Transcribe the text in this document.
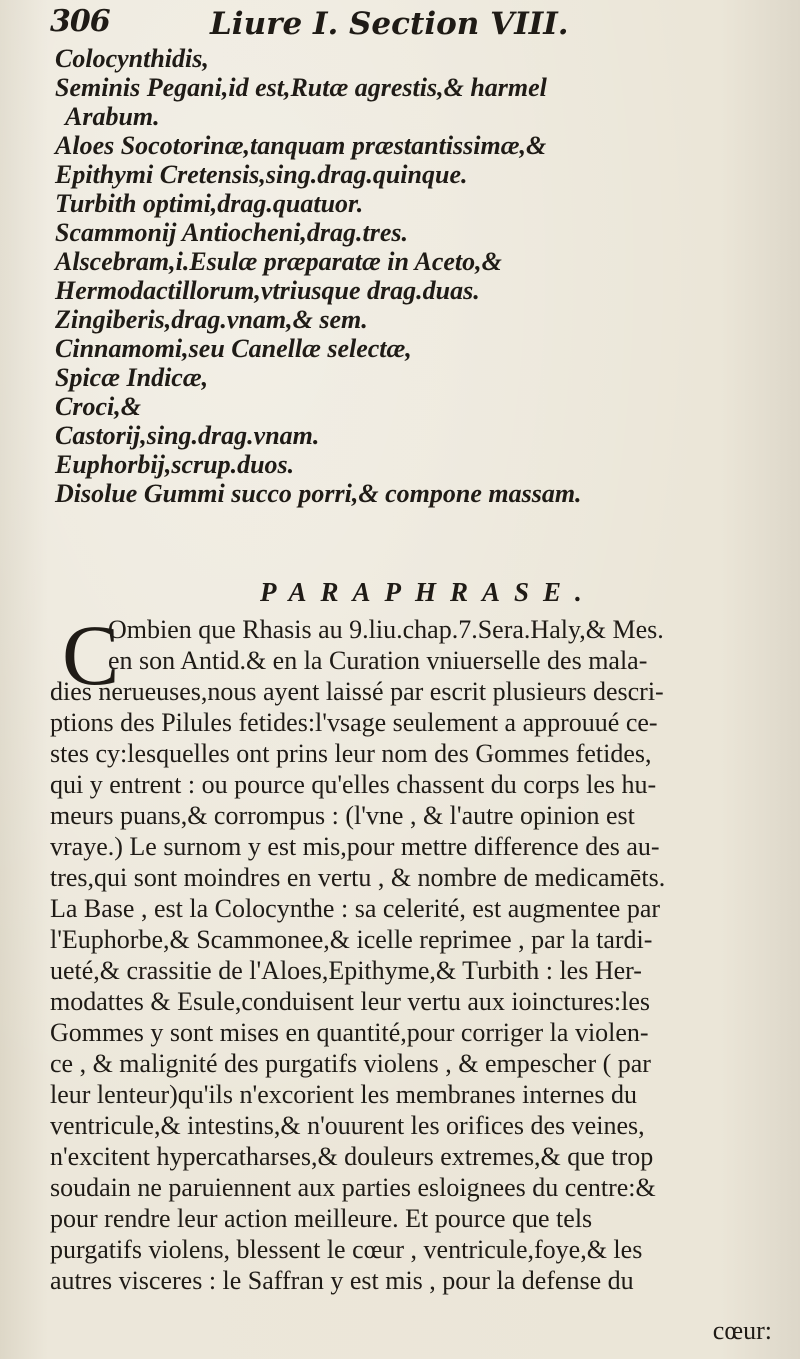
306	Liure I. Section VIII.
Colocynthidis,
Seminis Pegani,id est,Rutæ agrestis,& harmel
Arabum.
Aloes Socotorinæ,tanquam præstantissimæ,&
Epithymi Cretensis,sing.drag.quinque.
Turbith optimi,drag.quatuor.
Scammonij Antiocheni,drag.tres.
Alscebram,i.Esulæ præparatæ in Aceto,&
Hermodactillorum,vtriusque drag.duas.
Zingiberis,drag.vnam,& sem.
Cinnamomi,seu Canellæ selectæ,
Spicæ Indicæ,
Croci,&
Castorij,sing.drag.vnam.
Euphorbij,scrup.duos.
Disolue Gummi succo porri,& compone massam.
PARAPHRASE.
C
Ombien que Rhasis au 9.liu.chap.7.Sera.Haly,& Mes.
en son Antid.& en la Curation vniuerselle des mala-
dies nerueuses,nous ayent laissé par escrit plusieurs descri-
ptions des Pilules fetides:l'vsage seulement a approuué ce-
stes cy:lesquelles ont prins leur nom des Gommes fetides,
qui y entrent : ou pource qu'elles chassent du corps les hu-
meurs puans,& corrompus : (l'vne , & l'autre opinion est
vraye.) Le surnom y est mis,pour mettre difference des au-
tres,qui sont moindres en vertu , & nombre de medicamēts.
La Base , est la Colocynthe : sa celerité, est augmentee par
l'Euphorbe,& Scammonee,& icelle reprimee , par la tardi-
ueté,& crassitie de l'Aloes,Epithyme,& Turbith : les Her-
modattes & Esule,conduisent leur vertu aux ioinctures:les
Gommes y sont mises en quantité,pour corriger la violen-
ce , & malignité des purgatifs violens , & empescher ( par
leur lenteur)qu'ils n'excorient les membranes internes du
ventricule,& intestins,& n'ouurent les orifices des veines,
n'excitent hypercatharses,& douleurs extremes,& que trop
soudain ne paruiennent aux parties esloignees du centre:&
pour rendre leur action meilleure. Et pource que tels
purgatifs violens, blessent le cœur , ventricule,foye,& les
autres visceres : le Saffran y est mis , pour la defense du
cœur:
